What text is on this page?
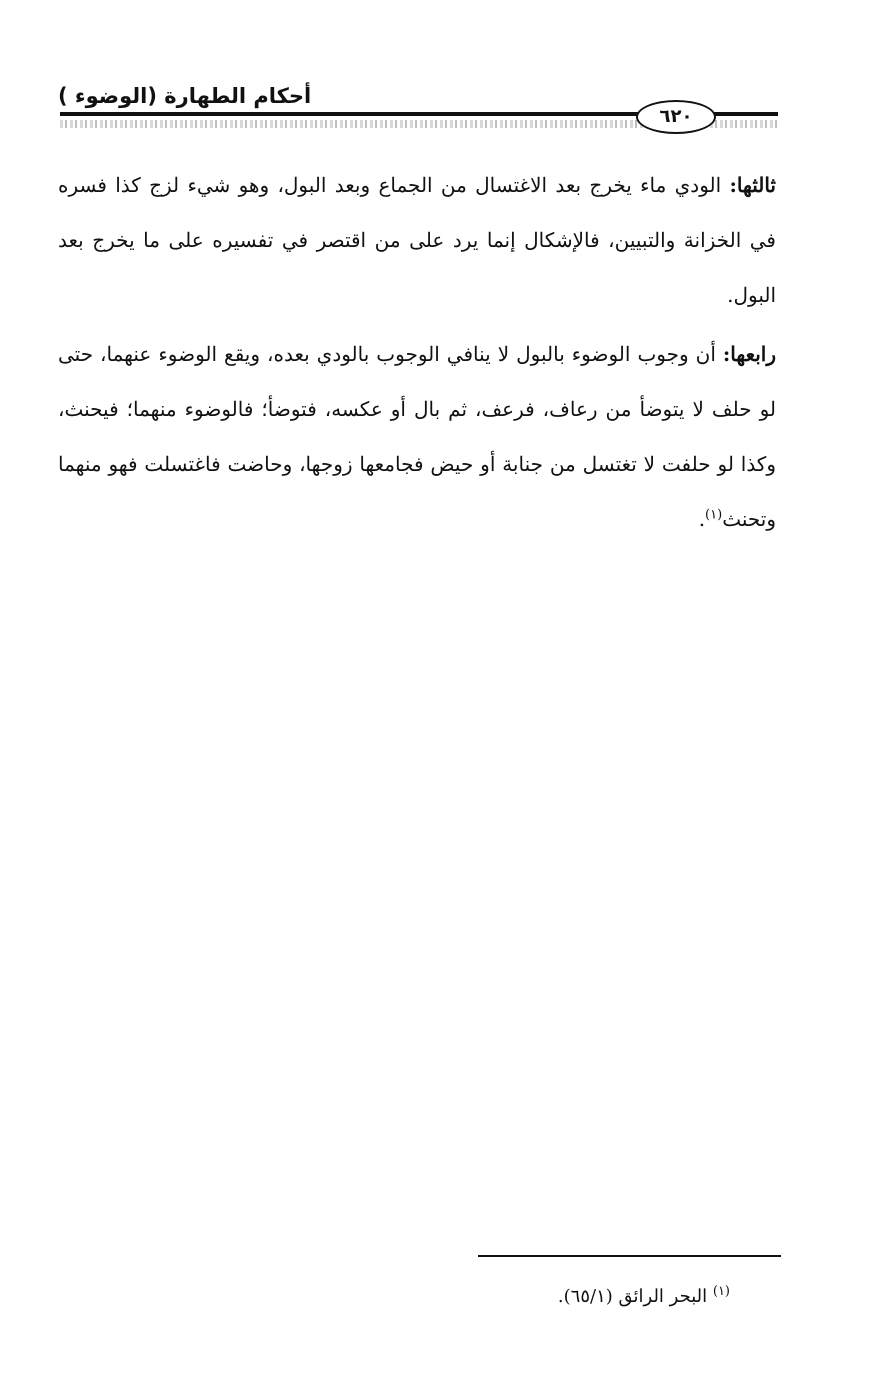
أحكام الطهارة (الوضوء )
٦٢٠

ثالثها: الودي ماء يخرج بعد الاغتسال من الجماع وبعد البول، وهو شيء لزج كذا فسره في الخزانة والتبيين، فالإشكال إنما يرد على من اقتصر في تفسيره على ما يخرج بعد البول.

رابعها: أن وجوب الوضوء بالبول لا ينافي الوجوب بالودي بعده، ويقع الوضوء عنهما، حتى لو حلف لا يتوضأ من رعاف، فرعف، ثم بال أو عكسه، فتوضأ؛ فالوضوء منهما؛ فيحنث، وكذا لو حلفت لا تغتسل من جنابة أو حيض فجامعها زوجها، وحاضت فاغتسلت فهو منهما وتحنث$^{(١)}$.

$^{(١)}$ البحر الرائق (٦٥/١).
